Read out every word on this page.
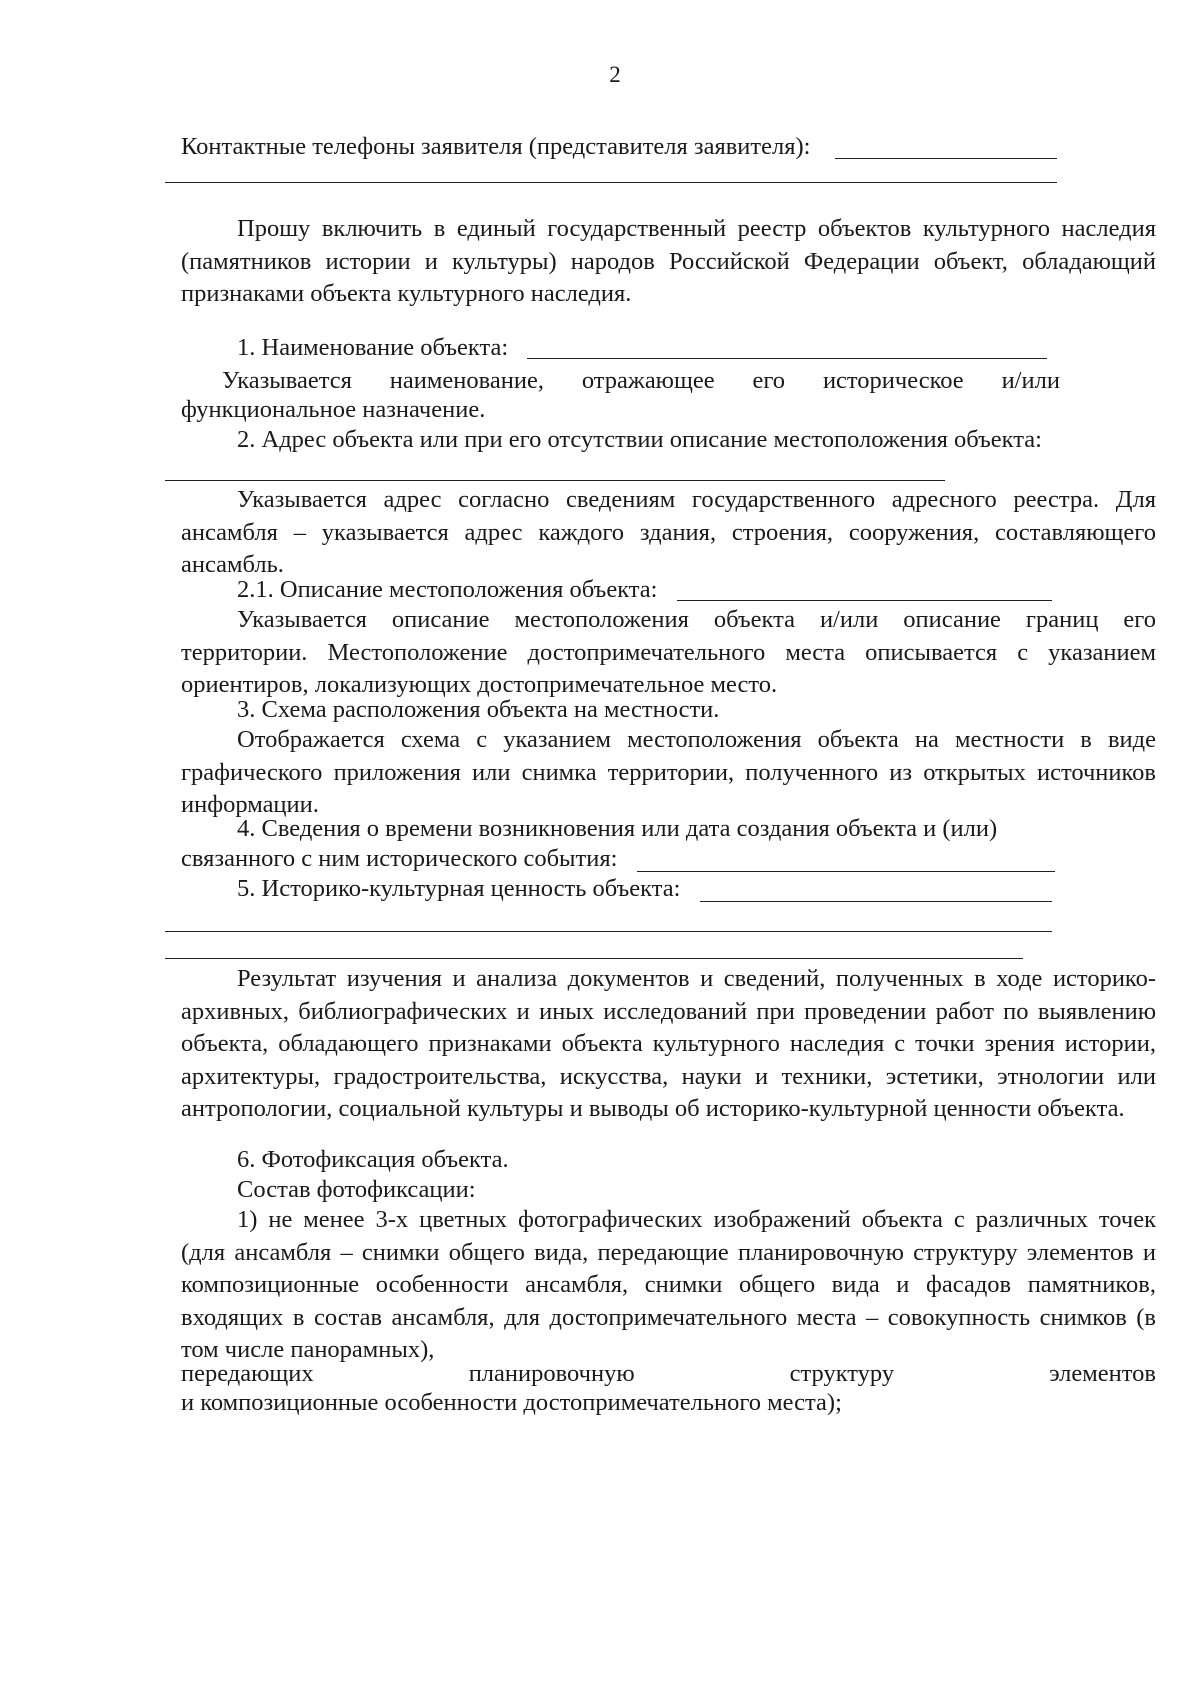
2
Контактные телефоны заявителя (представителя заявителя):
Прошу включить в единый государственный реестр объектов культурного наследия (памятников истории и культуры) народов Российской Федерации объект, обладающий признаками объекта культурного наследия.
1. Наименование объекта:
Указывается наименование, отражающее его историческое и/или
функциональное назначение.
2. Адрес объекта или при его отсутствии описание местоположения объекта:
Указывается адрес согласно сведениям государственного адресного реестра. Для ансамбля – указывается адрес каждого здания, строения, сооружения, составляющего ансамбль.
2.1. Описание местоположения объекта:
Указывается описание местоположения объекта и/или описание границ его территории. Местоположение достопримечательного места описывается с указанием ориентиров, локализующих достопримечательное место.
3. Схема расположения объекта на местности.
Отображается схема с указанием местоположения объекта на местности в виде графического приложения или снимка территории, полученного из открытых источников информации.
4. Сведения о времени возникновения или дата создания объекта и (или)
связанного с ним исторического события:
5. Историко-культурная ценность объекта:
Результат изучения и анализа документов и сведений, полученных в ходе историко-архивных, библиографических и иных исследований при проведении работ по выявлению объекта, обладающего признаками объекта культурного наследия с точки зрения истории, архитектуры, градостроительства, искусства, науки и техники, эстетики, этнологии или антропологии, социальной культуры и выводы об историко-культурной ценности объекта.
6. Фотофиксация объекта.
Состав фотофиксации:
1) не менее 3-х цветных фотографических изображений объекта с различных точек (для ансамбля – снимки общего вида, передающие планировочную структуру элементов и композиционные особенности ансамбля, снимки общего вида и фасадов памятников, входящих в состав ансамбля, для достопримечательного места – совокупность снимков (в том числе панорамных),
передающих	планировочную	структуру	элементов
и композиционные особенности достопримечательного места);
